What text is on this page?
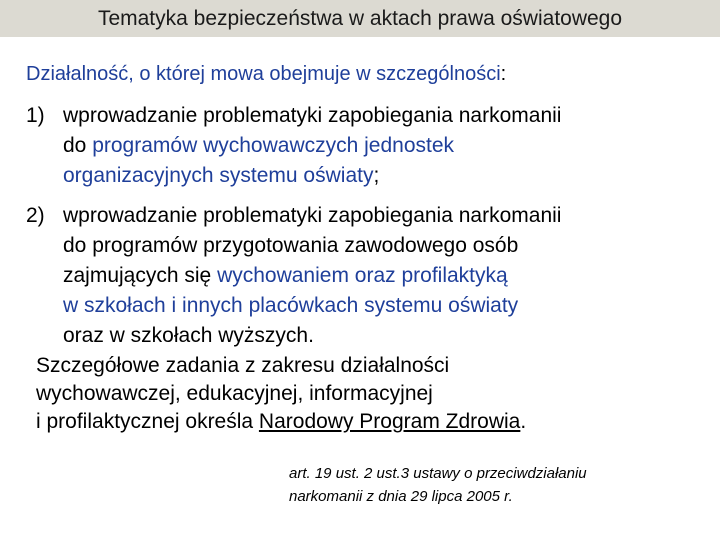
Tematyka bezpieczeństwa w aktach prawa oświatowego
Działalność, o której mowa obejmuje w szczególności:
1) wprowadzanie problematyki zapobiegania narkomanii
do programów wychowawczych jednostek
organizacyjnych systemu oświaty;
2) wprowadzanie problematyki zapobiegania narkomanii
do programów przygotowania zawodowego osób
zajmujących się wychowaniem oraz profilaktyką
w szkołach i innych placówkach systemu oświaty
oraz w szkołach wyższych.
Szczegółowe zadania z zakresu działalności
wychowawczej, edukacyjnej, informacyjnej
i profilaktycznej określa Narodowy Program Zdrowia.
art. 19 ust. 2 ust.3 ustawy o przeciwdziałaniu
narkomanii z dnia 29 lipca 2005 r.
